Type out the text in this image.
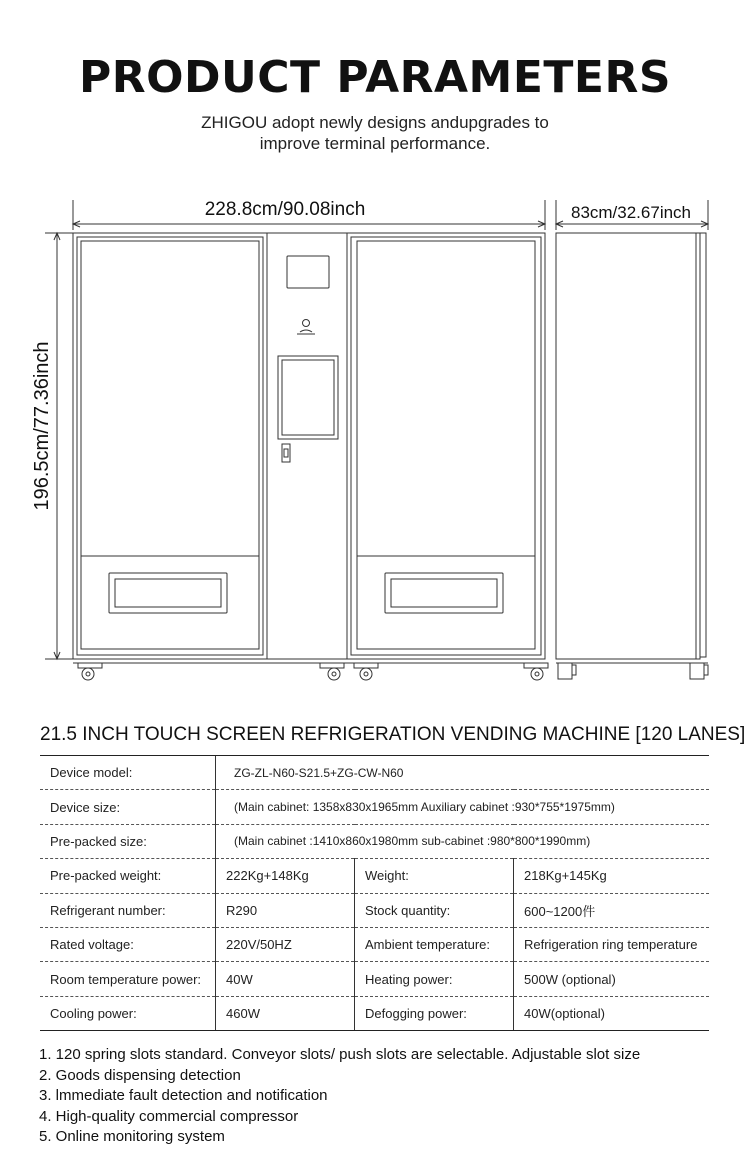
PRODUCT PARAMETERS
ZHIGOU adopt newly designs andupgrades to
improve terminal performance.
228.8cm/90.08inch	83cm/32.67inch
196.5cm/77.36inch
21.5 INCH TOUCH SCREEN REFRIGERATION VENDING MACHINE [120 LANES]
Device model:	ZG-ZL-N60-S21.5+ZG-CW-N60		
Device size:	(Main cabinet: 1358x830x1965mm Auxiliary cabinet :930*755*1975mm)		
Pre-packed size:	(Main cabinet :1410x860x1980mm sub-cabinet :980*800*1990mm)		
Pre-packed weight:	222Kg+148Kg	Weight:	218Kg+145Kg
Refrigerant number:	R290	Stock quantity:	600~1200件
Rated voltage:	220V/50HZ	Ambient temperature:	Refrigeration ring temperature
Room temperature power:	40W	Heating power:	500W (optional)
Cooling power:	460W	Defogging power:	40W(optional)
1. 120 spring slots standard. Conveyor slots/ push slots are selectable. Adjustable slot size
2. Goods dispensing detection
3. lmmediate fault detection and notification
4. High-quality commercial compressor
5. Online monitoring system
